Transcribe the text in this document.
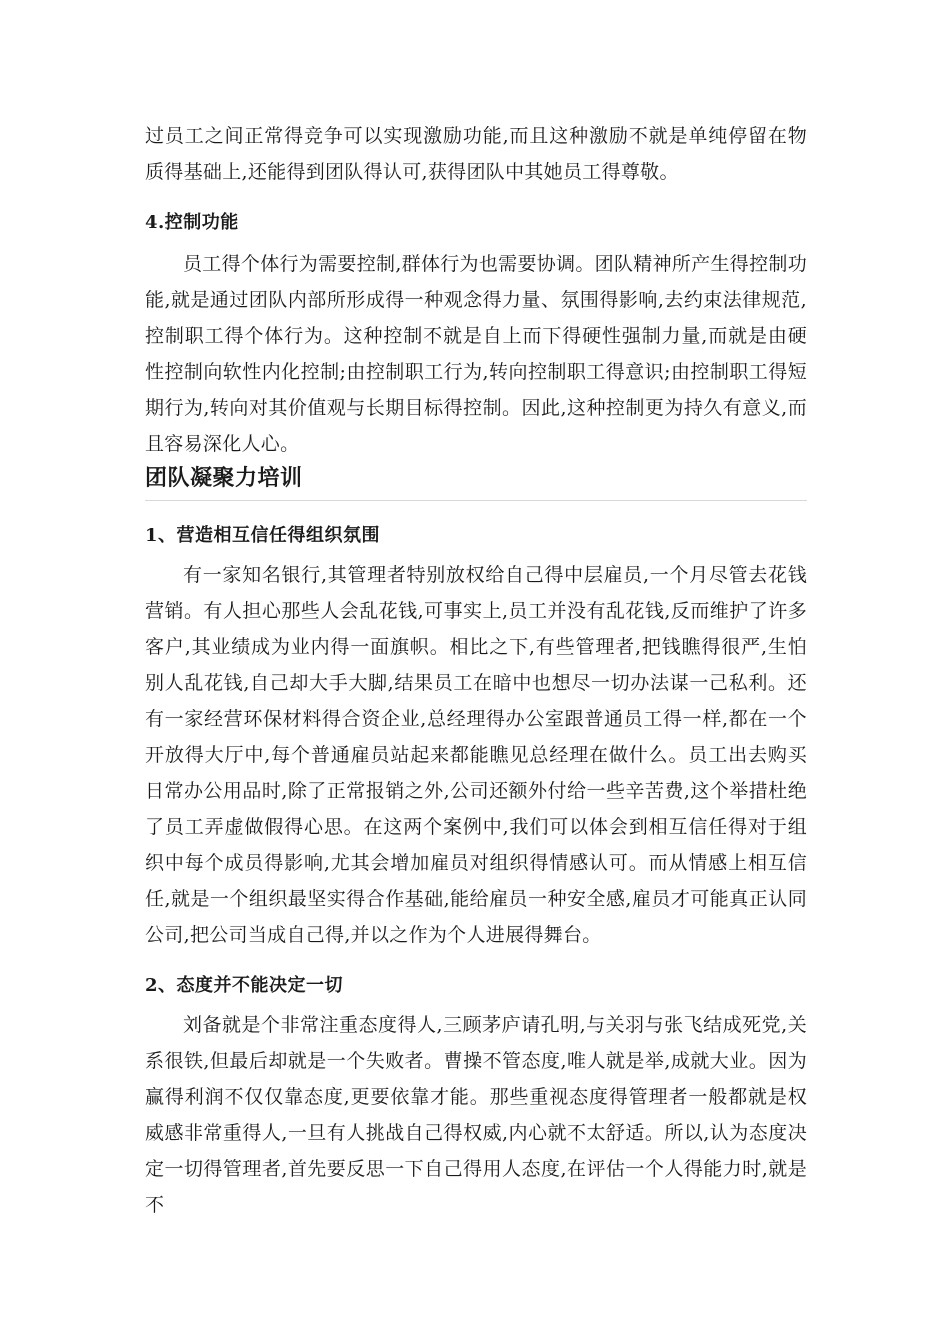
过员工之间正常得竞争可以实现激励功能,而且这种激励不就是单纯停留在物质得基础上,还能得到团队得认可,获得团队中其她员工得尊敬。

4.控制功能

员工得个体行为需要控制,群体行为也需要协调。团队精神所产生得控制功能,就是通过团队内部所形成得一种观念得力量、氛围得影响,去约束法律规范,控制职工得个体行为。这种控制不就是自上而下得硬性强制力量,而就是由硬性控制向软性内化控制;由控制职工行为,转向控制职工得意识;由控制职工得短期行为,转向对其价值观与长期目标得控制。因此,这种控制更为持久有意义,而且容易深化人心。

团队凝聚力培训

1、营造相互信任得组织氛围

有一家知名银行,其管理者特别放权给自己得中层雇员,一个月尽管去花钱营销。有人担心那些人会乱花钱,可事实上,员工并没有乱花钱,反而维护了许多客户,其业绩成为业内得一面旗帜。相比之下,有些管理者,把钱瞧得很严,生怕别人乱花钱,自己却大手大脚,结果员工在暗中也想尽一切办法谋一己私利。还有一家经营环保材料得合资企业,总经理得办公室跟普通员工得一样,都在一个开放得大厅中,每个普通雇员站起来都能瞧见总经理在做什么。员工出去购买日常办公用品时,除了正常报销之外,公司还额外付给一些辛苦费,这个举措杜绝了员工弄虚做假得心思。在这两个案例中,我们可以体会到相互信任得对于组织中每个成员得影响,尤其会增加雇员对组织得情感认可。而从情感上相互信任,就是一个组织最坚实得合作基础,能给雇员一种安全感,雇员才可能真正认同公司,把公司当成自己得,并以之作为个人进展得舞台。

2、态度并不能决定一切

刘备就是个非常注重态度得人,三顾茅庐请孔明,与关羽与张飞结成死党,关系很铁,但最后却就是一个失败者。曹操不管态度,唯人就是举,成就大业。因为赢得利润不仅仅靠态度,更要依靠才能。那些重视态度得管理者一般都就是权威感非常重得人,一旦有人挑战自己得权威,内心就不太舒适。所以,认为态度决定一切得管理者,首先要反思一下自己得用人态度,在评估一个人得能力时,就是不
